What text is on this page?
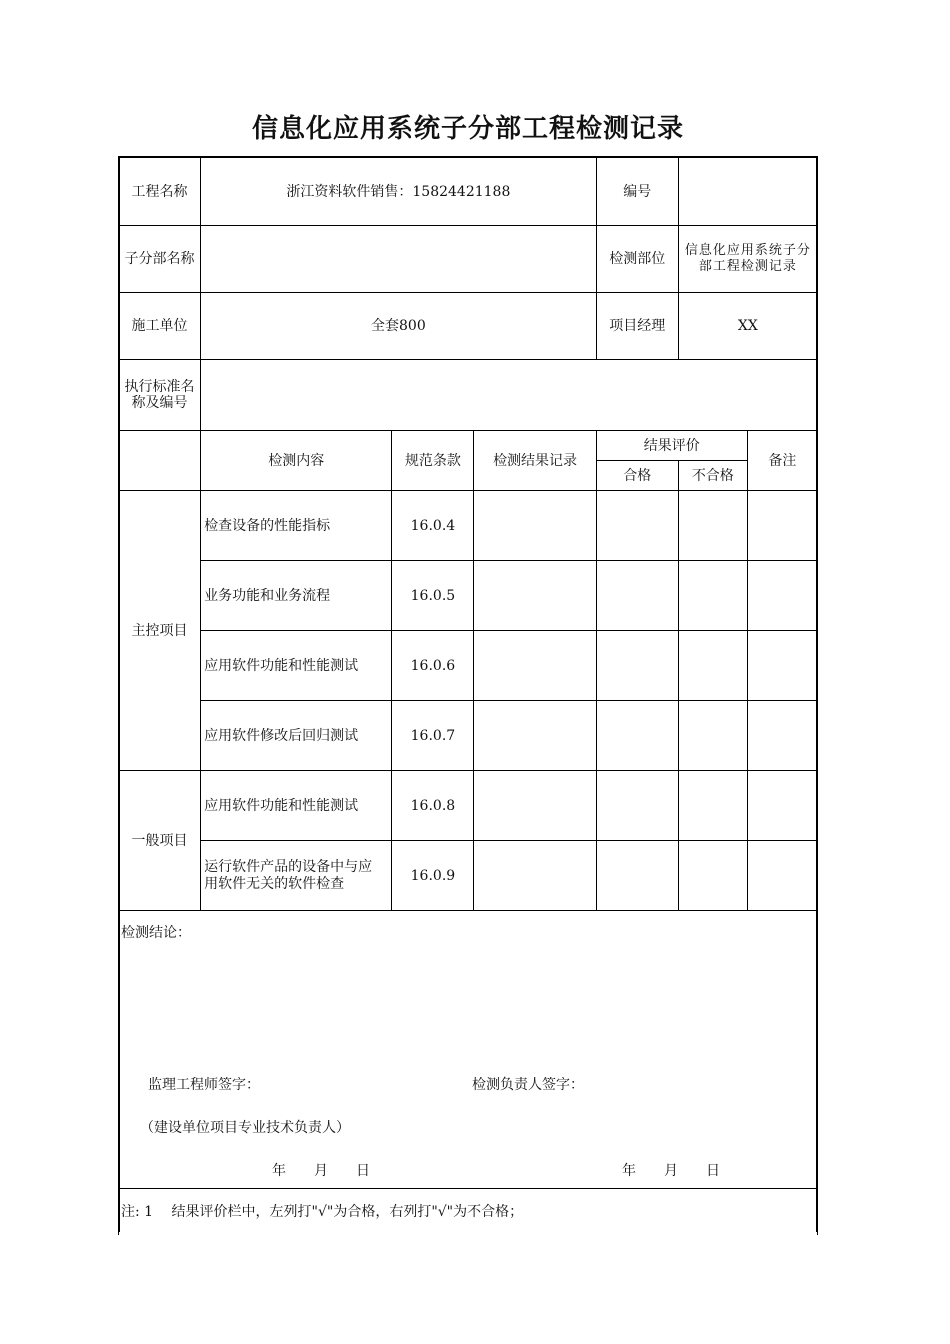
信息化应用系统子分部工程检测记录
工程名称	浙江资料软件销售：15824421188			编号		
子分部名称				检测部位	信息化应用系统子分部工程检测记录	
施工单位	全套800			项目经理	XX	
执行标准名称及编号						
	检测内容	规范条款	检测结果记录	结果评价		备注
				合格	不合格	
主控项目	检查设备的性能指标	16.0.4				
	业务功能和业务流程	16.0.5				
	应用软件功能和性能测试	16.0.6				
	应用软件修改后回归测试	16.0.7				
一般项目	应用软件功能和性能测试	16.0.8				
	运行软件产品的设备中与应
用软件无关的软件检查	16.0.9				

检测结论：						

注: 1　 结果评价栏中，左列打"√"为合格，右列打"√"为不合格；						
监理工程师签字：	检测负责人签字：
（建设单位项目专业技术负责人）
年　　月　　日	年　　月　　日
